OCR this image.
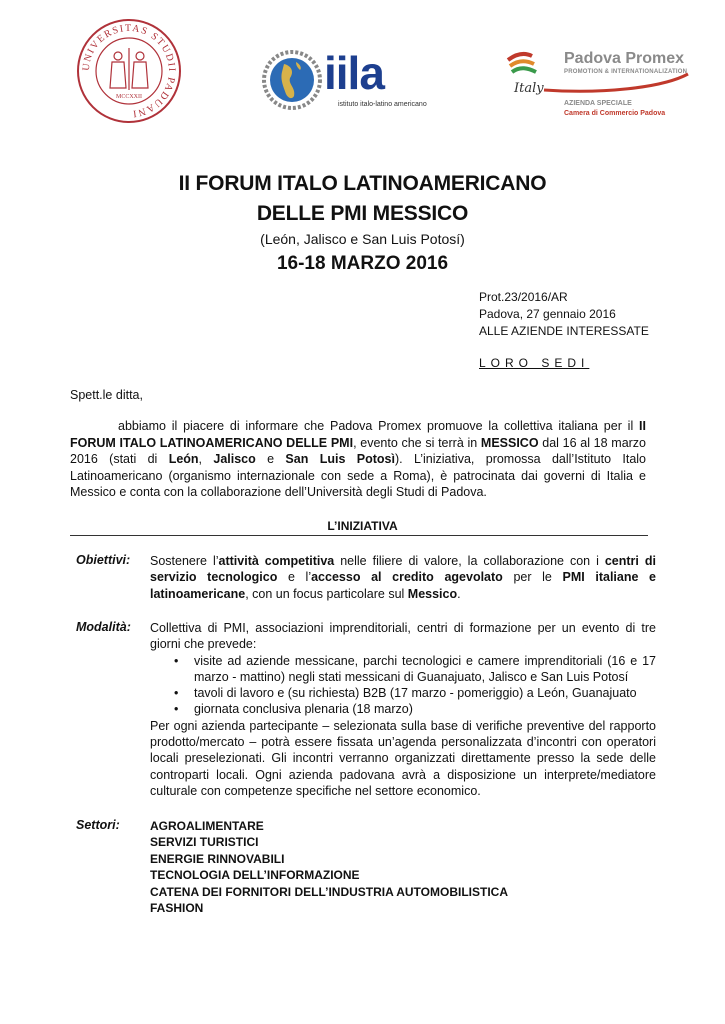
UNIVERSITAS STUDII PADUANI
MCCXXII	iila
istituto italo-latino americano
Italy
Padova Promex
PROMOTION & INTERNATIONALIZATION
AZIENDA SPECIALE
Camera di Commercio Padova
II FORUM ITALO LATINOAMERICANO
DELLE PMI MESSICO
(León, Jalisco e San Luis Potosí)
16-18 MARZO 2016
Prot.23/2016/AR
Padova, 27 gennaio 2016
ALLE AZIENDE INTERESSATE
LORO SEDI
Spett.le ditta,
abbiamo il piacere di informare che Padova Promex promuove la collettiva italiana per il II FORUM ITALO LATINOAMERICANO DELLE PMI, evento che si terrà in MESSICO dal 16 al 18 marzo 2016 (stati di León, Jalisco e San Luis Potosì). L’iniziativa, promossa dall’Istituto Italo Latinoamericano (organismo internazionale con sede a Roma), è patrocinata dai governi di Italia e Messico e conta con la collaborazione dell’Università degli Studi di Padova.
L’INIZIATIVA
Obiettivi: Sostenere l’attività competitiva nelle filiere di valore, la collaborazione con i centri di servizio tecnologico e l’accesso al credito agevolato per le PMI italiane e latinoamericane, con un focus particolare sul Messico.
Modalità: Collettiva di PMI, associazioni imprenditoriali, centri di formazione per un evento di tre giorni che prevede:
• visite ad aziende messicane, parchi tecnologici e camere imprenditoriali (16 e 17 marzo - mattino) negli stati messicani di Guanajuato, Jalisco e San Luis Potosí
• tavoli di lavoro e (su richiesta) B2B (17 marzo - pomeriggio) a León, Guanajuato
• giornata conclusiva plenaria (18 marzo)
Per ogni azienda partecipante – selezionata sulla base di verifiche preventive del rapporto prodotto/mercato – potrà essere fissata un’agenda personalizzata d’incontri con operatori locali preselezionati. Gli incontri verranno organizzati direttamente presso la sede delle controparti locali. Ogni azienda padovana avrà a disposizione un interprete/mediatore culturale con competenze specifiche nel settore economico.
Settori:	AGROALIMENTARE
SERVIZI TURISTICI
ENERGIE RINNOVABILI
TECNOLOGIA DELL’INFORMAZIONE
CATENA DEI FORNITORI DELL’INDUSTRIA AUTOMOBILISTICA
FASHION
